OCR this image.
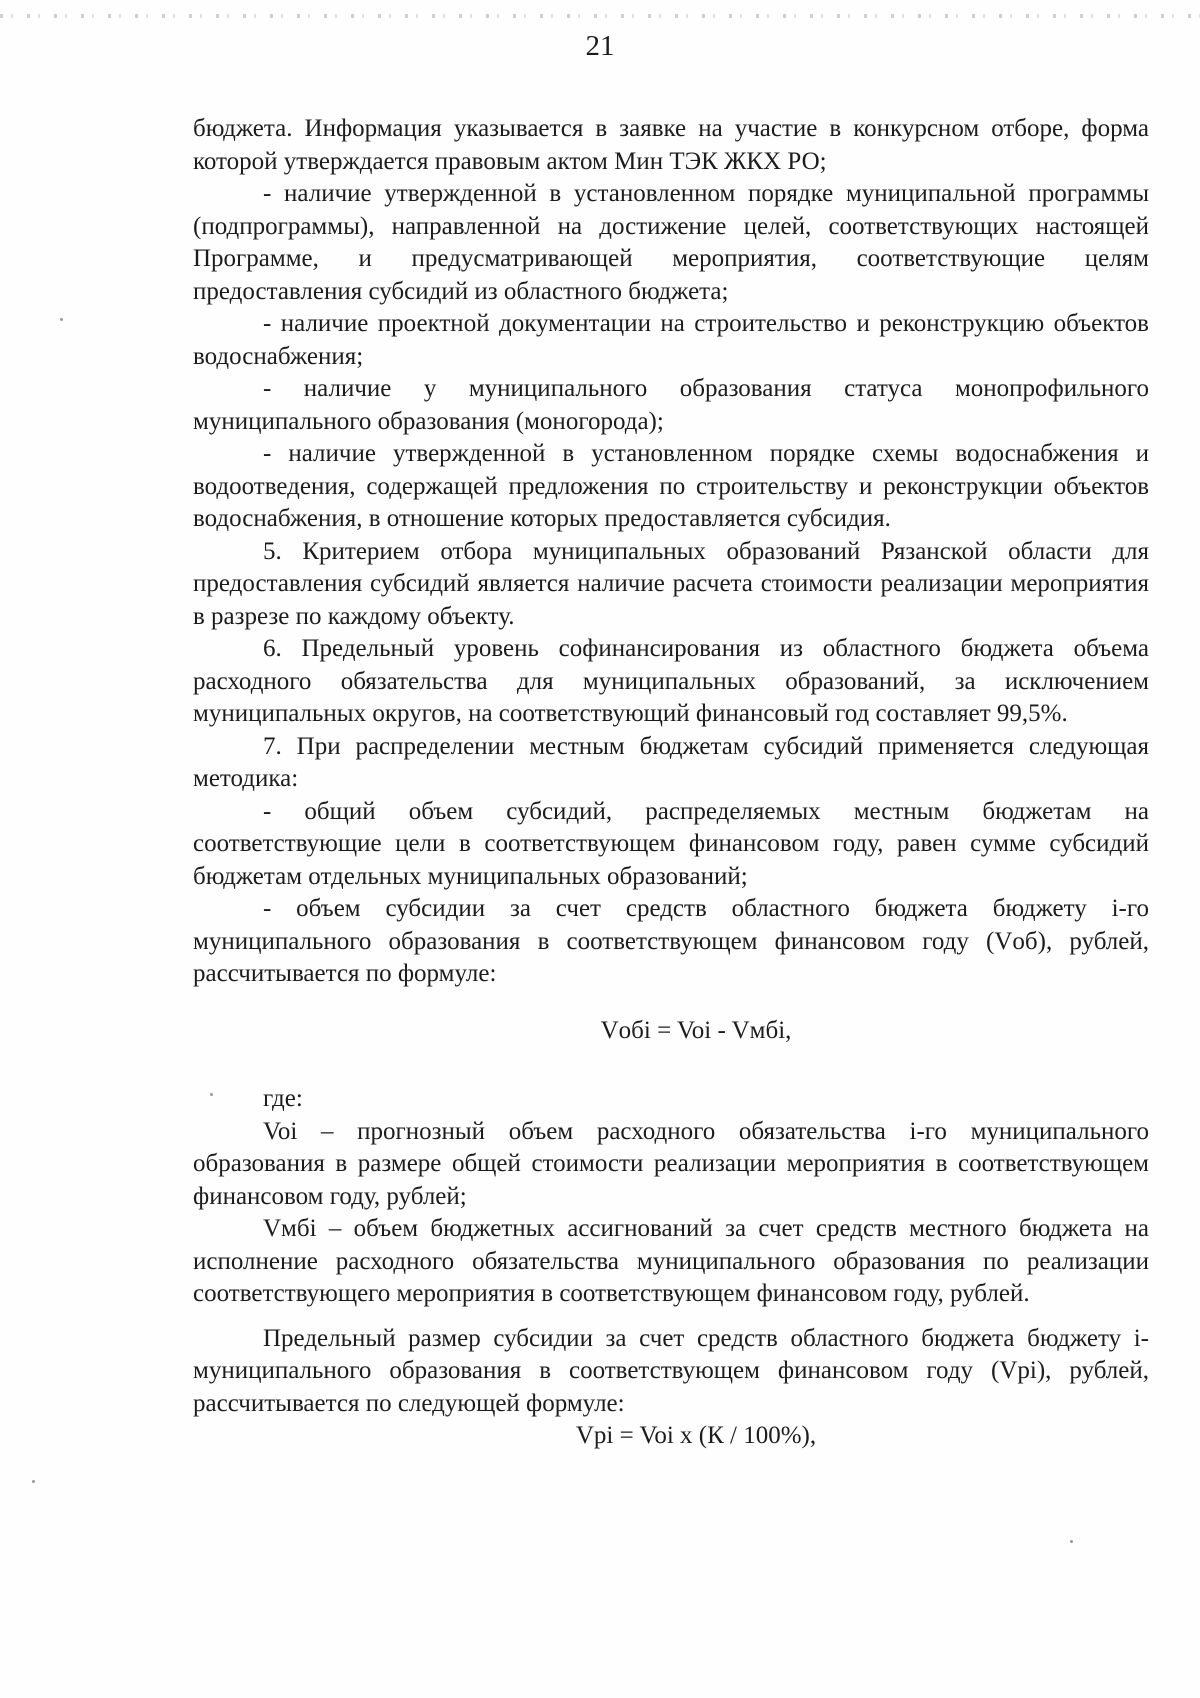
21

бюджета. Информация указывается в заявке на участие в конкурсном отборе, форма которой утверждается правовым актом Мин ТЭК ЖКХ РО;

- наличие утвержденной в установленном порядке муниципальной программы (подпрограммы), направленной на достижение целей, соответствующих настоящей Программе, и предусматривающей мероприятия, соответствующие целям предоставления субсидий из областного бюджета;

- наличие проектной документации на строительство и реконструкцию объектов водоснабжения;

- наличие у муниципального образования статуса монопрофильного муниципального образования (моногорода);

- наличие утвержденной в установленном порядке схемы водоснабжения и водоотведения, содержащей предложения по строительству и реконструкции объектов водоснабжения, в отношение которых предоставляется субсидия.

5. Критерием отбора муниципальных образований Рязанской области для предоставления субсидий является наличие расчета стоимости реализации мероприятия в разрезе по каждому объекту.

6. Предельный уровень софинансирования из областного бюджета объема расходного обязательства для муниципальных образований, за исключением муниципальных округов, на соответствующий финансовый год составляет 99,5%.

7. При распределении местным бюджетам субсидий применяется следующая методика:

- общий объем субсидий, распределяемых местным бюджетам на соответствующие цели в соответствующем финансовом году, равен сумме субсидий бюджетам отдельных муниципальных образований;

- объем субсидии за счет средств областного бюджета бюджету i-го муниципального образования в соответствующем финансовом году (Vоб), рублей, рассчитывается по формуле:

Vобi = Voi - Vмбi,

где:

Voi – прогнозный объем расходного обязательства i-го муниципального образования в размере общей стоимости реализации мероприятия в соответствующем финансовом году, рублей;

Vмбi – объем бюджетных ассигнований за счет средств местного бюджета на исполнение расходного обязательства муниципального образования по реализации соответствующего мероприятия в соответствующем финансовом году, рублей.

Предельный размер субсидии за счет средств областного бюджета бюджету i-муниципального образования в соответствующем финансовом году (Vpi), рублей, рассчитывается по следующей формуле:

Vpi = Voi x (К / 100%),
